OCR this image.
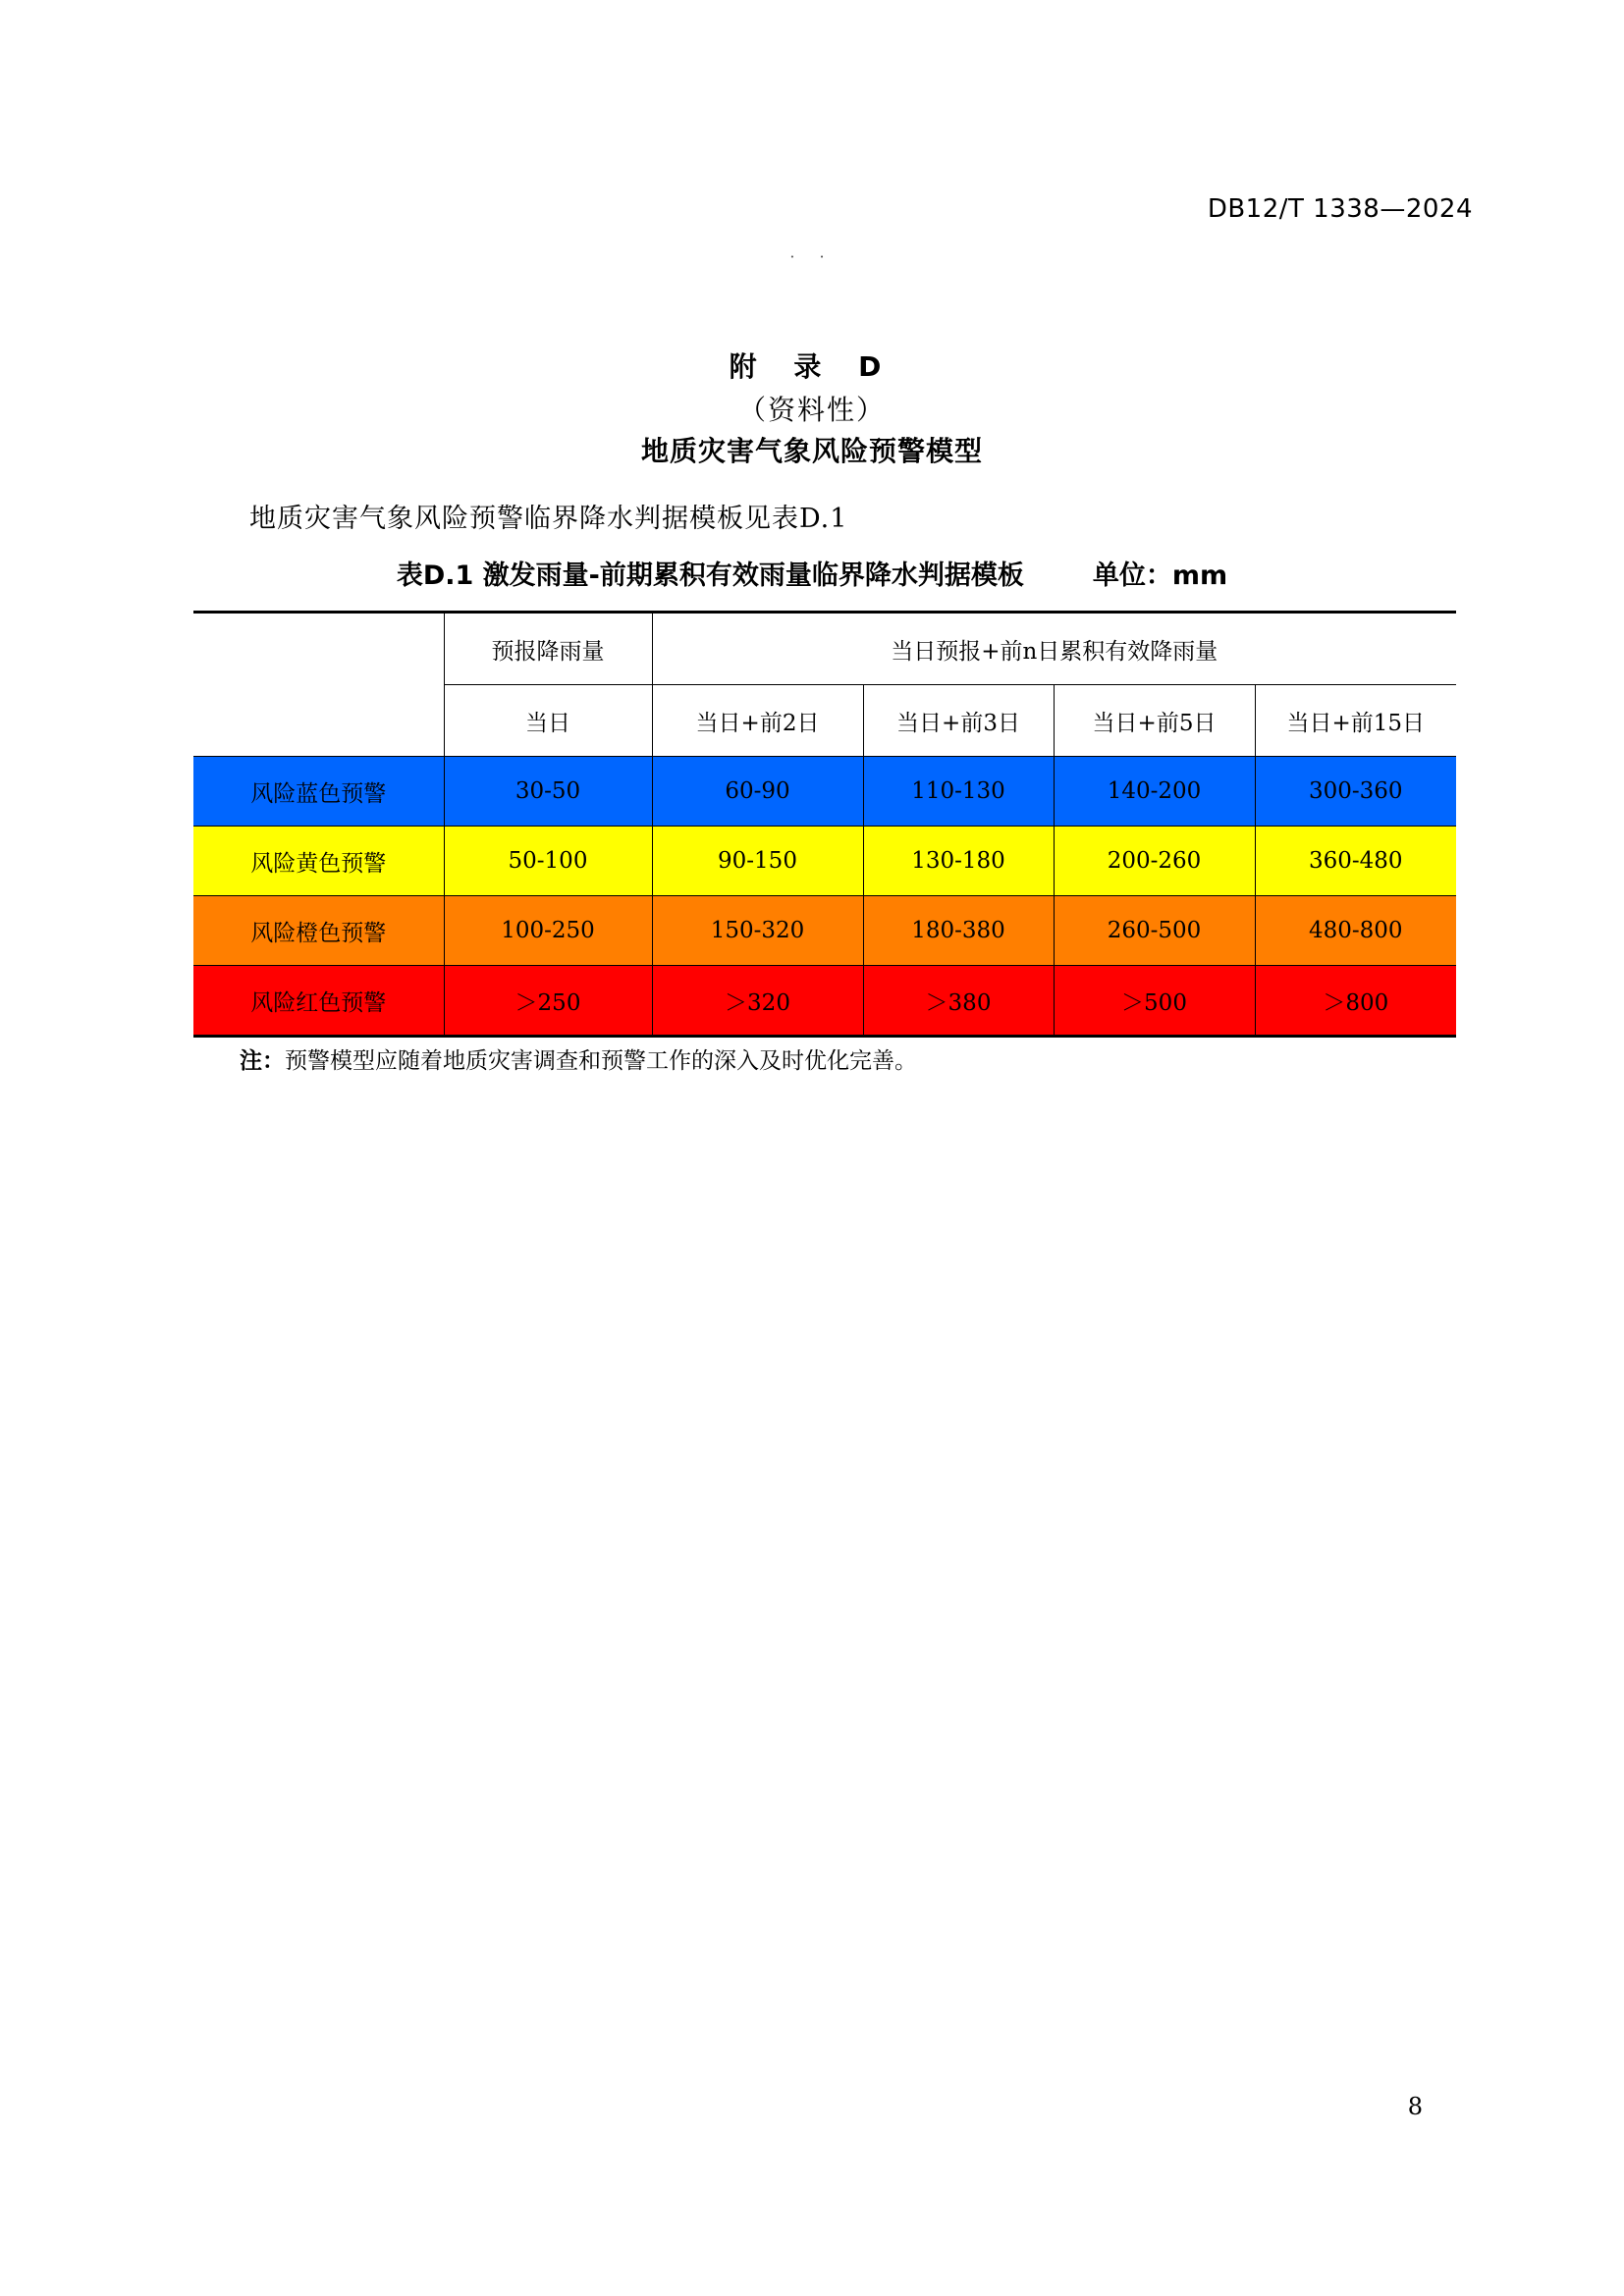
DB12/T 1338—2024
· ·
附 录 D
（资料性）
地质灾害气象风险预警模型
地质灾害气象风险预警临界降水判据模板见表D.1
表D.1 激发雨量-前期累积有效雨量临界降水判据模板	单位：mm
	预报降雨量	当日预报+前n日累积有效降雨量			
	当日	当日+前2日	当日+前3日	当日+前5日	当日+前15日
风险蓝色预警	30-50	60-90	110-130	140-200	300-360
风险黄色预警	50-100	90-150	130-180	200-260	360-480
风险橙色预警	100-250	150-320	180-380	260-500	480-800
风险红色预警	＞250	＞320	＞380	＞500	＞800
注：预警模型应随着地质灾害调查和预警工作的深入及时优化完善。
8
